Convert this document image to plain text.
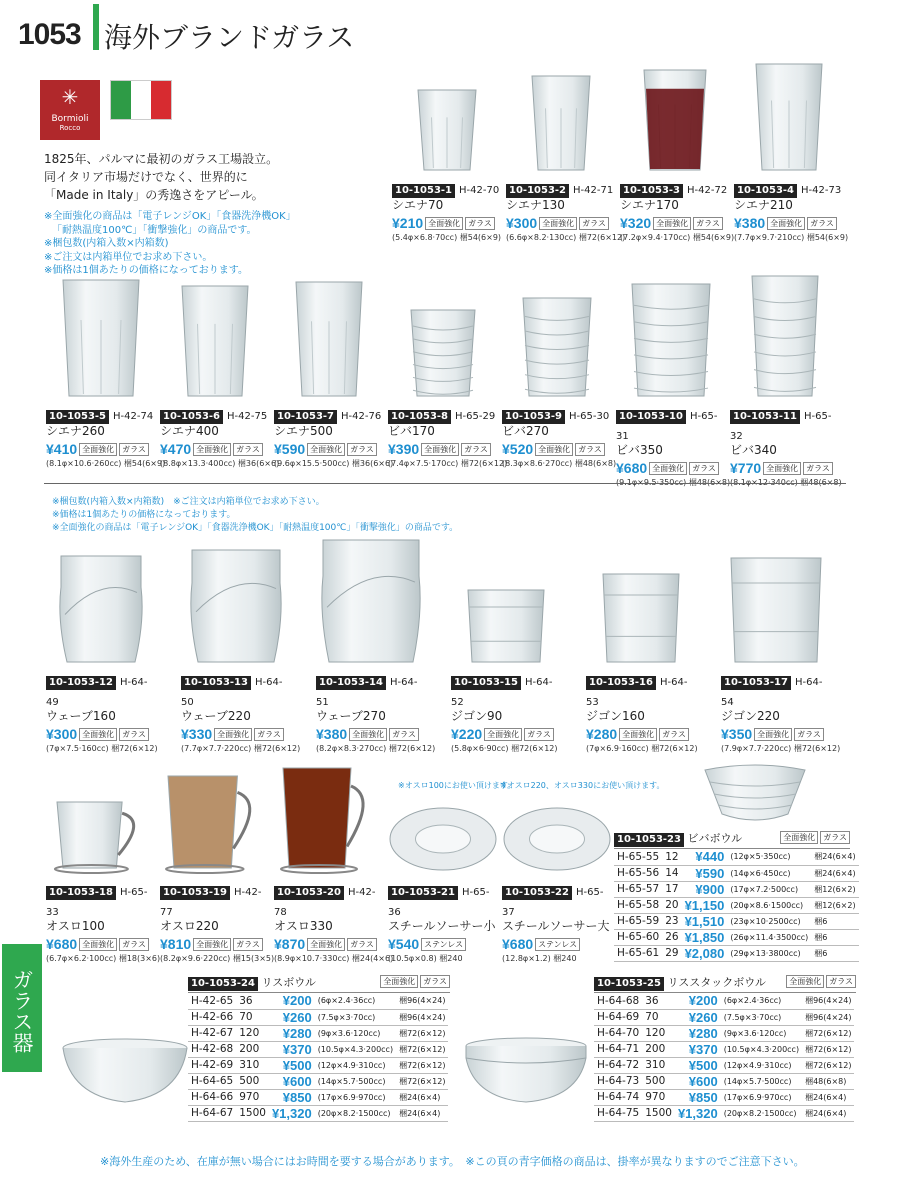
1053 海外ブランドガラス
✳
Bormioli
Rocco
1825年、パルマに最初のガラス工場設立。
同イタリア市場だけでなく、世界的に
「Made in Italy」の秀逸さをアピール。
※全面強化の商品は「電子レンジOK」「食器洗浄機OK」
「耐熱温度100℃」「衝撃強化」の商品です。
※梱包数(内箱入数×内箱数)
※ご注文は内箱単位でお求め下さい。
※価格は1個あたりの価格になっております。
10-1053-1 H-42-70
シエナ70
¥210 全面強化 ガラス
(5.4φ×6.8·70cc) 梱54(6×9)
10-1053-2 H-42-71
シエナ130
¥300 全面強化 ガラス
(6.6φ×8.2·130cc) 梱72(6×12)
10-1053-3 H-42-72
シエナ170
¥320 全面強化 ガラス
(7.2φ×9.4·170cc) 梱54(6×9)
10-1053-4 H-42-73
シエナ210
¥380 全面強化 ガラス
(7.7φ×9.7·210cc) 梱54(6×9)
10-1053-5 H-42-74
シエナ260
¥410 全面強化 ガラス
(8.1φ×10.6·260cc) 梱54(6×9)
10-1053-6 H-42-75
シエナ400
¥470 全面強化 ガラス
(8.8φ×13.3·400cc) 梱36(6×6)
10-1053-7 H-42-76
シエナ500
¥590 全面強化 ガラス
(9.6φ×15.5·500cc) 梱36(6×6)
10-1053-8 H-65-29
ビバ170
¥390 全面強化 ガラス
(7.4φ×7.5·170cc) 梱72(6×12)
10-1053-9 H-65-30
ビバ270
¥520 全面強化 ガラス
(8.3φ×8.6·270cc) 梱48(6×8)
10-1053-10 H-65-31
ビバ350
¥680 全面強化 ガラス
10-1053-11 H-65-32
ビバ340
¥770 全面強化 ガラス
※梱包数(内箱入数×内箱数)　※ご注文は内箱単位でお求め下さい。
※価格は1個あたりの価格になっております。
※全面強化の商品は「電子レンジOK」「食器洗浄機OK」「耐熱温度100℃」「衝撃強化」の商品です。
10-1053-12 H-64-49
ウェーブ160
¥300 全面強化 ガラス
(7φ×7.5·160cc) 梱72(6×12)
10-1053-13 H-64-50
ウェーブ220
¥330 全面強化 ガラス
(7.7φ×7.7·220cc) 梱72(6×12)
10-1053-14 H-64-51
ウェーブ270
¥380 全面強化 ガラス
(8.2φ×8.3·270cc) 梱72(6×12)
10-1053-15 H-64-52
ジゴン90
¥220 全面強化 ガラス
(5.8φ×6·90cc) 梱72(6×12)
10-1053-16 H-64-53
ジゴン160
¥280 全面強化 ガラス
(7φ×6.9·160cc) 梱72(6×12)
10-1053-17 H-64-54
ジゴン220
¥350 全面強化 ガラス
(7.9φ×7.7·220cc) 梱72(6×12)
※オスロ100にお使い頂けます。
※オスロ220、オスロ330にお使い頂けます。
10-1053-18 H-65-33
オスロ100
¥680 全面強化 ガラス
(6.7φ×6.2·100cc) 梱18(3×6)
10-1053-19 H-42-77
オスロ220
¥810 全面強化 ガラス
(8.2φ×9.6·220cc) 梱15(3×5)
10-1053-20 H-42-78
オスロ330
¥870 全面強化 ガラス
(8.9φ×10.7·330cc) 梱24(4×6)
10-1053-21 H-65-36
スチールソーサー小
¥540 ステンレス
(10.5φ×0.8) 梱240
10-1053-22 H-65-37
スチールソーサー大
¥680 ステンレス
(12.8φ×1.2) 梱240
10-1053-23 ビバボウル	全面強化 ガラス
H-65-55	12	¥440	(12φ×5·350cc)	梱24(6×4)
H-65-56	14	¥590	(14φ×6·450cc)	梱24(6×4)
H-65-57	17	¥900	(17φ×7.2·500cc)	梱12(6×2)
H-65-58	20	¥1,150	(20φ×8.6·1500cc)	梱12(6×2)
H-65-59	23	¥1,510	(23φ×10·2500cc)	梱6
H-65-60	26	¥1,850	(26φ×11.4·3500cc)	梱6
H-65-61	29	¥2,080	(29φ×13·3800cc)	梱6
ガラス器	10-1053-24 リスボウル	全面強化 ガラス
H-42-65	36	¥200	(6φ×2.4·36cc)	梱96(4×24)
H-42-66	70	¥260	(7.5φ×3·70cc)	梱96(4×24)
H-42-67	120	¥280	(9φ×3.6·120cc)	梱72(6×12)
H-42-68	200	¥370	(10.5φ×4.3·200cc)	梱72(6×12)
H-42-69	310	¥500	(12φ×4.9·310cc)	梱72(6×12)
H-64-65	500	¥600	(14φ×5.7·500cc)	梱72(6×12)
H-64-66	970	¥850	(17φ×6.9·970cc)	梱24(6×4)
H-64-67	1500	¥1,320	(20φ×8.2·1500cc)	梱24(6×4)
10-1053-25 リススタックボウル	全面強化 ガラス
H-64-68	36	¥200	(6φ×2.4·36cc)	梱96(4×24)
H-64-69	70	¥260	(7.5φ×3·70cc)	梱96(4×24)
H-64-70	120	¥280	(9φ×3.6·120cc)	梱72(6×12)
H-64-71	200	¥370	(10.5φ×4.3·200cc)	梱72(6×12)
H-64-72	310	¥500	(12φ×4.9·310cc)	梱72(6×12)
H-64-73	500	¥600	(14φ×5.7·500cc)	梱48(6×8)
H-64-74	970	¥850	(17φ×6.9·970cc)	梱24(6×4)
H-64-75	1500	¥1,320	(20φ×8.2·1500cc)	梱24(6×4)
※海外生産のため、在庫が無い場合にはお時間を要する場合があります。　※この頁の青字価格の商品は、掛率が異なりますのでご注意下さい。
